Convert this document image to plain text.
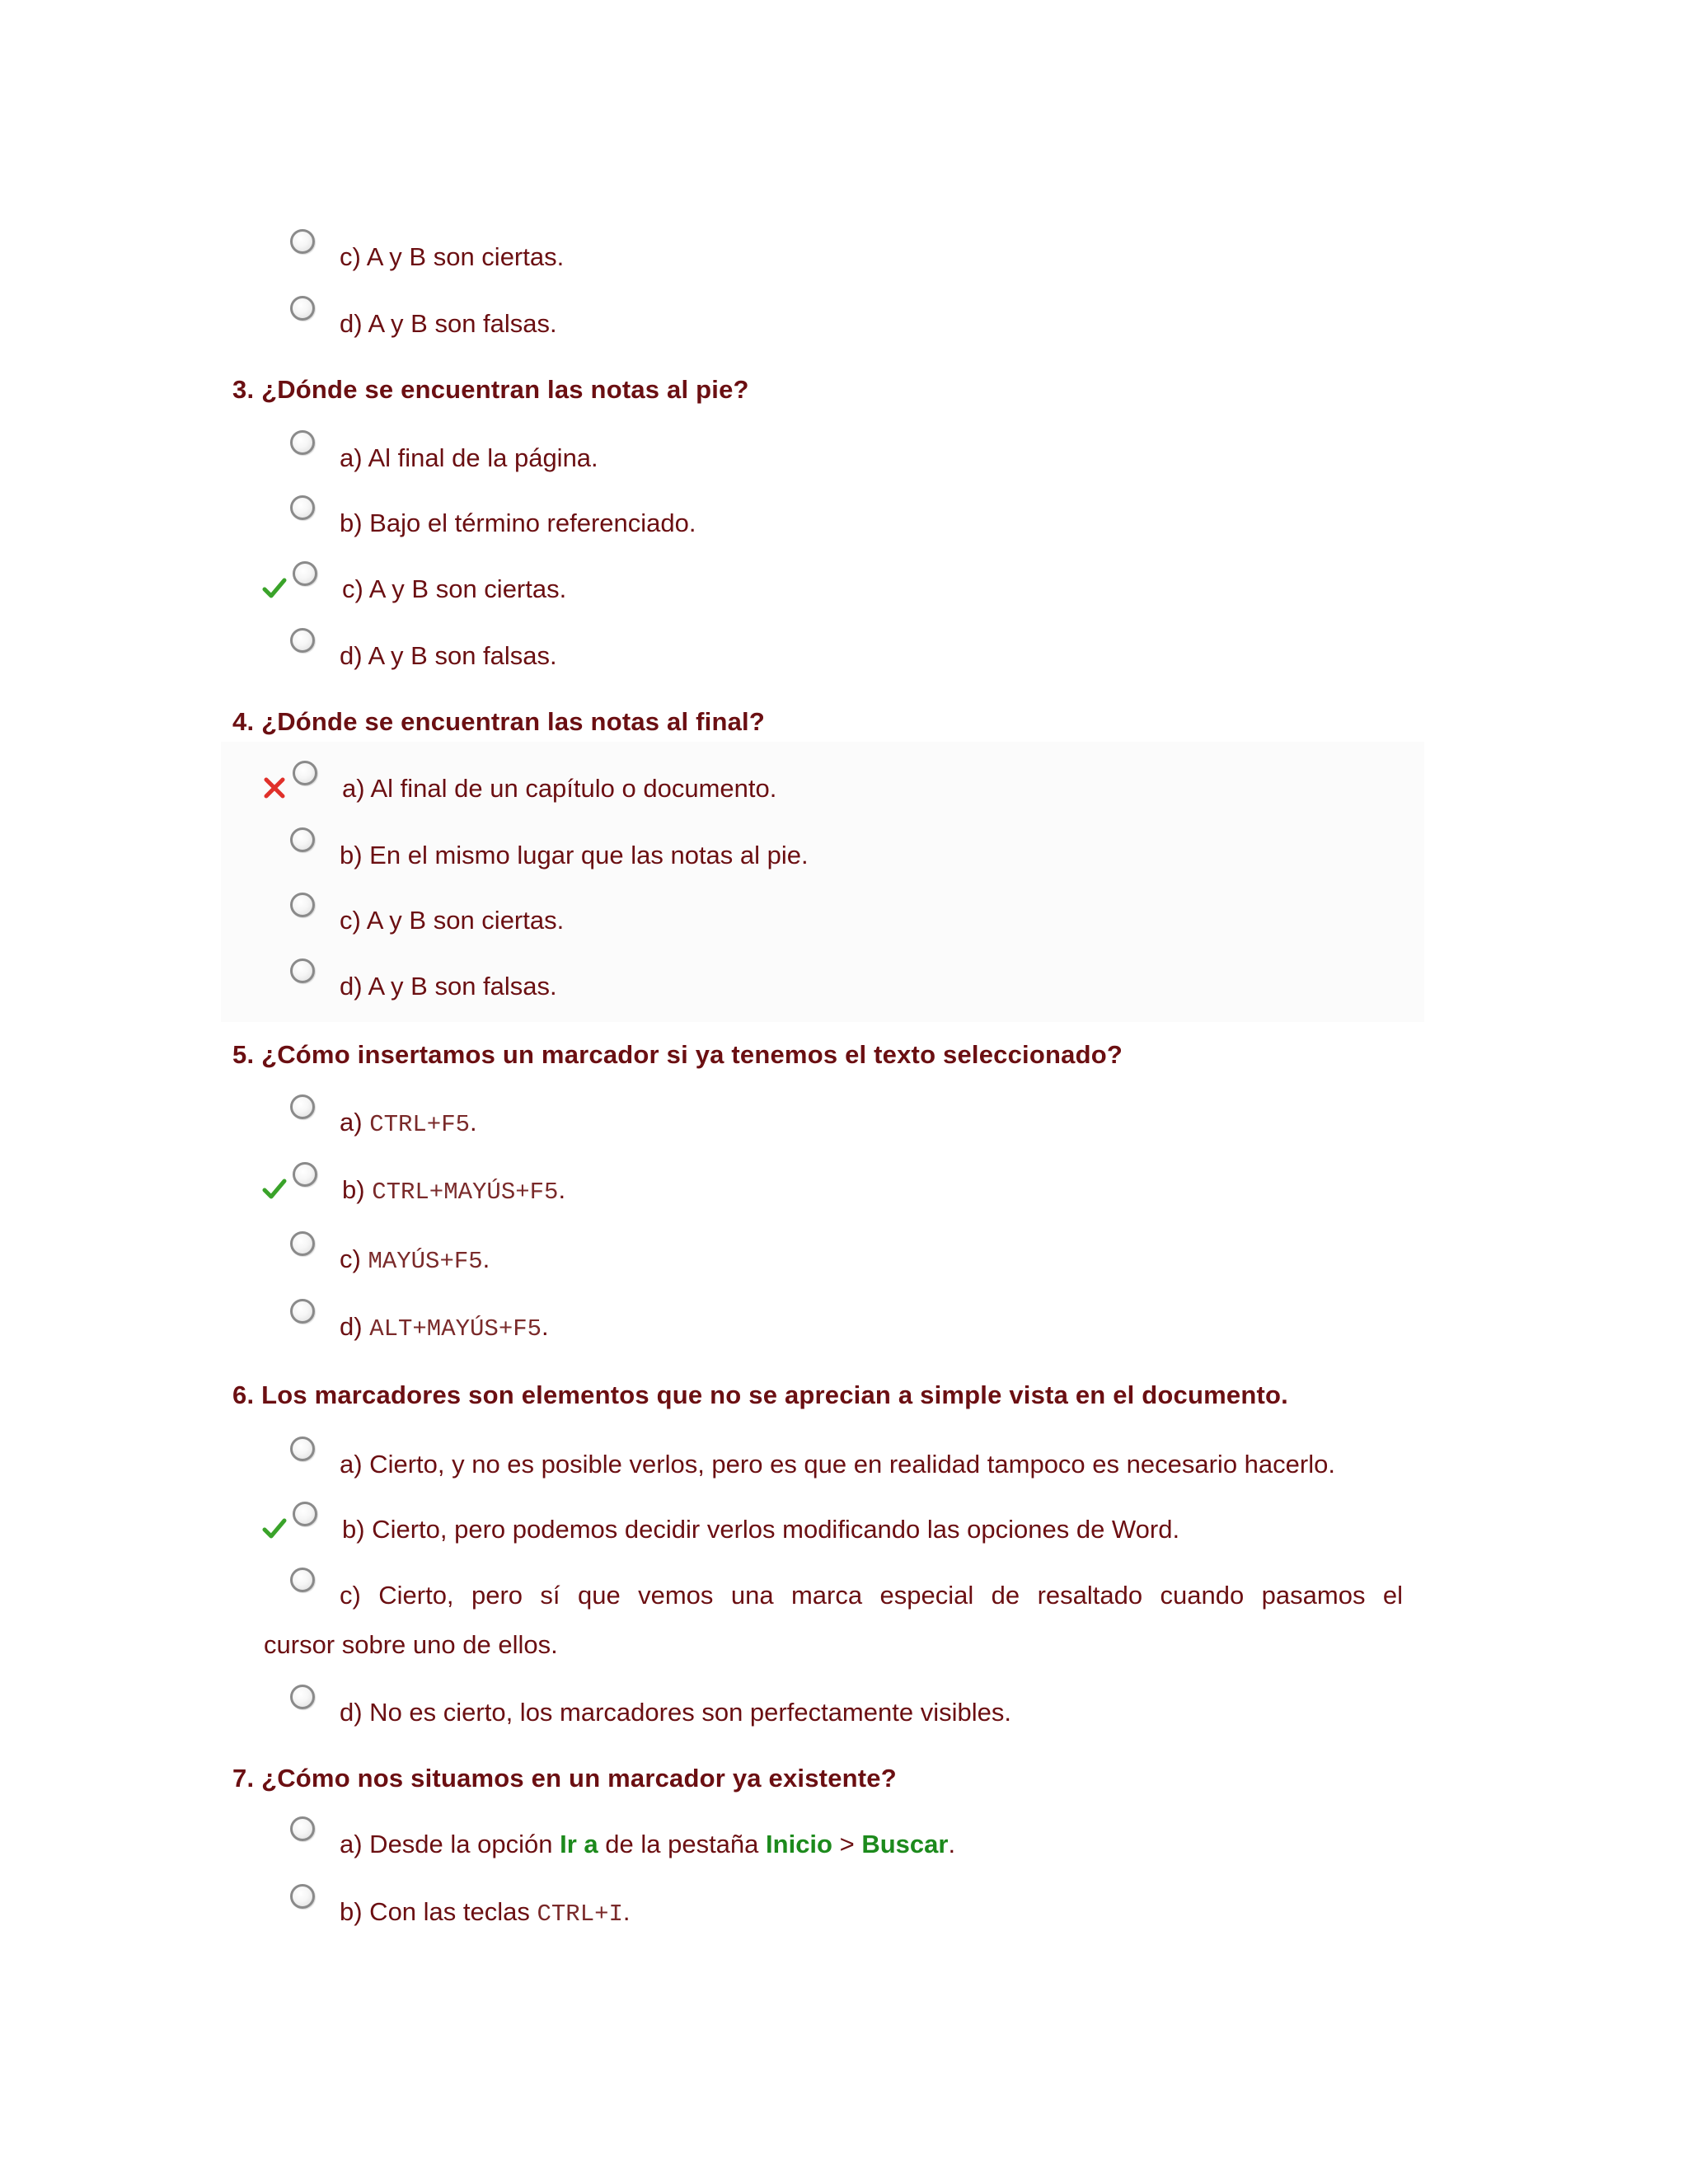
c) A y B son ciertas.
d) A y B son falsas.
3. ¿Dónde se encuentran las notas al pie?
a) Al final de la página.
b) Bajo el término referenciado.
c) A y B son ciertas.
d) A y B son falsas.
4. ¿Dónde se encuentran las notas al final?
a) Al final de un capítulo o documento.
b) En el mismo lugar que las notas al pie.
c) A y B son ciertas.
d) A y B son falsas.
5. ¿Cómo insertamos un marcador si ya tenemos el texto seleccionado?
a) CTRL+F5.
b) CTRL+MAYÚS+F5.
c) MAYÚS+F5.
d) ALT+MAYÚS+F5.
6. Los marcadores son elementos que no se aprecian a simple vista en el documento.
a) Cierto, y no es posible verlos, pero es que en realidad tampoco es necesario hacerlo.
b) Cierto, pero podemos decidir verlos modificando las opciones de Word.
c) Cierto, pero sí que vemos una marca especial de resaltado cuando pasamos el
cursor sobre uno de ellos.
d) No es cierto, los marcadores son perfectamente visibles.
7. ¿Cómo nos situamos en un marcador ya existente?
a) Desde la opción Ir a de la pestaña Inicio > Buscar.
b) Con las teclas CTRL+I.
